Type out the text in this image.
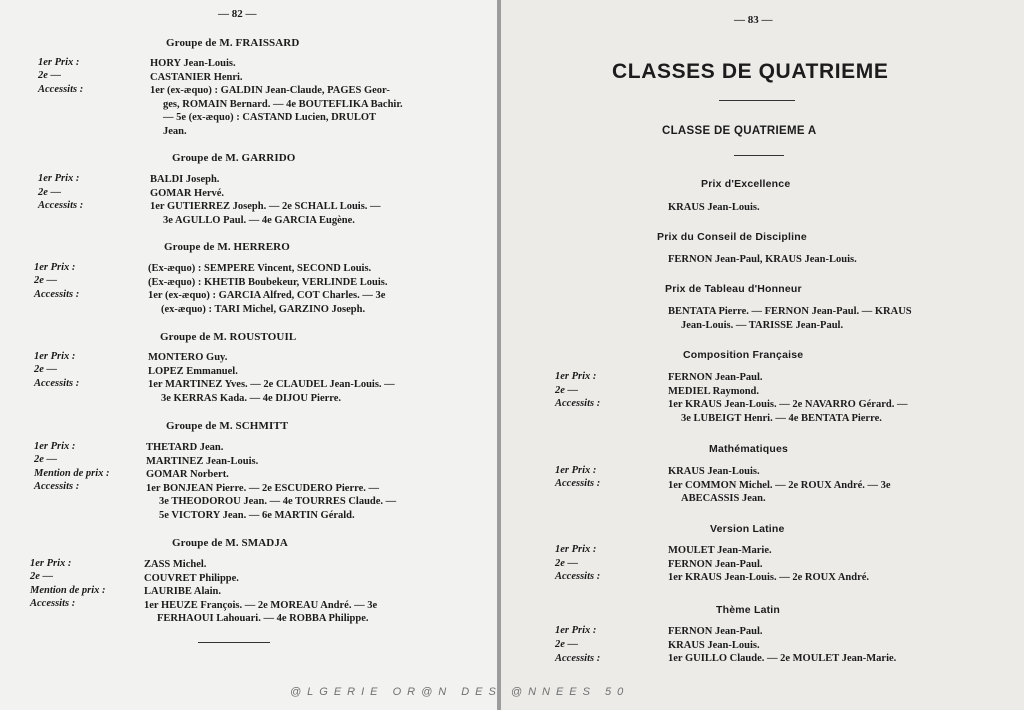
— 82 —
Groupe de M. FRAISSARD
1er Prix :
2e —
Accessits :
HORY Jean-Louis.
CASTANIER Henri.
1er (ex-æquo) : GALDIN Jean-Claude, PAGES Geor-
ges, ROMAIN Bernard. — 4e BOUTEFLIKA Bachir.
— 5e (ex-æquo) : CASTAND Lucien, DRULOT
Jean.
Groupe de M. GARRIDO
1er Prix :
2e —
Accessits :
BALDI Joseph.
GOMAR Hervé.
1er GUTIERREZ Joseph. — 2e SCHALL Louis. —
3e AGULLO Paul. — 4e GARCIA Eugène.
Groupe de M. HERRERO
1er Prix :
2e —
Accessits :
(Ex-æquo) : SEMPERE Vincent, SECOND Louis.
(Ex-æquo) : KHETIB Boubekeur, VERLINDE Louis.
1er (ex-æquo) : GARCIA Alfred, COT Charles. — 3e
(ex-æquo) : TARI Michel, GARZINO Joseph.
Groupe de M. ROUSTOUIL
1er Prix :
2e —
Accessits :
MONTERO Guy.
LOPEZ Emmanuel.
1er MARTINEZ Yves. — 2e CLAUDEL Jean-Louis. —
3e KERRAS Kada. — 4e DIJOU Pierre.
Groupe de M. SCHMITT
1er Prix :
2e —
Mention de prix :
Accessits :
THETARD Jean.
MARTINEZ Jean-Louis.
GOMAR Norbert.
1er BONJEAN Pierre. — 2e ESCUDERO Pierre. —
3e THEODOROU Jean. — 4e TOURRES Claude. —
5e VICTORY Jean. — 6e MARTIN Gérald.
Groupe de M. SMADJA
1er Prix :
2e —
Mention de prix :
Accessits :
ZASS Michel.
COUVRET Philippe.
LAURIBE Alain.
1er HEUZE François. — 2e MOREAU André. — 3e
FERHAOUI Lahouari. — 4e ROBBA Philippe.
— 83 —
CLASSES DE QUATRIEME
CLASSE DE QUATRIEME A
Prix d'Excellence
KRAUS Jean-Louis.
Prix du Conseil de Discipline
FERNON Jean-Paul, KRAUS Jean-Louis.
Prix de Tableau d'Honneur
BENTATA Pierre. — FERNON Jean-Paul. — KRAUS
Jean-Louis. — TARISSE Jean-Paul.
Composition Française
1er Prix :
2e —
Accessits :
FERNON Jean-Paul.
MEDIEL Raymond.
1er KRAUS Jean-Louis. — 2e NAVARRO Gérard. —
3e LUBEIGT Henri. — 4e BENTATA Pierre.
Mathématiques
1er Prix :
Accessits :
KRAUS Jean-Louis.
1er COMMON Michel. — 2e ROUX André. — 3e
ABECASSIS Jean.
Version Latine
1er Prix :
2e —
Accessits :
MOULET Jean-Marie.
FERNON Jean-Paul.
1er KRAUS Jean-Louis. — 2e ROUX André.
Thème Latin
1er Prix :
2e —
Accessits :
FERNON Jean-Paul.
KRAUS Jean-Louis.
1er GUILLO Claude. — 2e MOULET Jean-Marie.
@LGERIE OR@N DES @NNEES 50
